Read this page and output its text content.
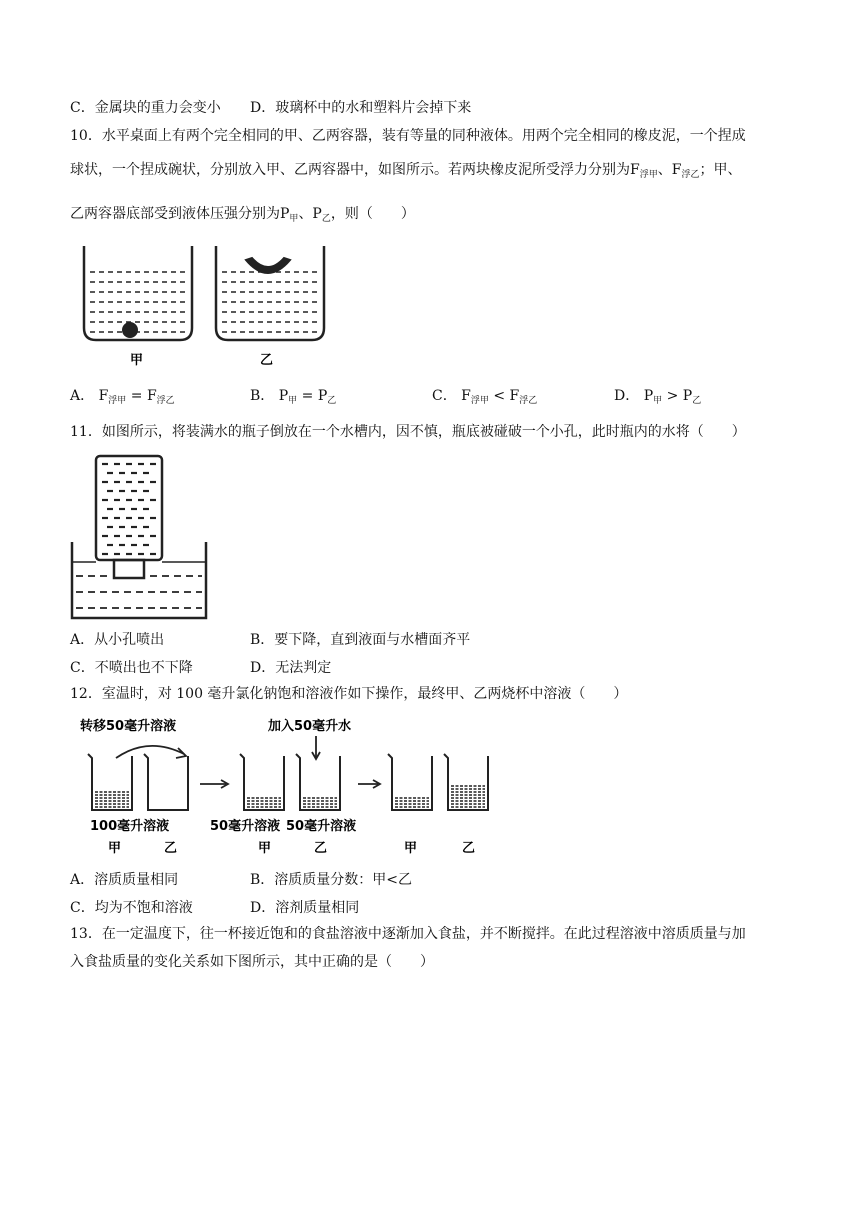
C．金属块的重力会变小 D．玻璃杯中的水和塑料片会掉下来
10．水平桌面上有两个完全相同的甲、乙两容器，装有等量的同种液体。用两个完全相同的橡皮泥，一个捏成
球状，一个捏成碗状，分别放入甲、乙两容器中，如图所示。若两块橡皮泥所受浮力分别为$F_{浮甲}$、$F_{浮乙}$；甲、
乙两容器底部受到液体压强分别为$P_甲$、$P_乙$，则（　　）
甲	乙
A． $F_{浮甲} = F_{浮乙}$	B． $P_甲 = P_乙$	C． $F_{浮甲} < F_{浮乙}$	D． $P_甲 > P_乙$
11．如图所示，将装满水的瓶子倒放在一个水槽内，因不慎，瓶底被碰破一个小孔，此时瓶内的水将（　　）
A．从小孔喷出	B．要下降，直到液面与水槽面齐平
C．不喷出也不下降	D．无法判定
12．室温时，对 100 毫升氯化钠饱和溶液作如下操作，最终甲、乙两烧杯中溶液（　　）
转移50毫升溶液	加入50毫升水
100毫升溶液	50毫升溶液 50毫升溶液
甲	乙	甲	乙	甲	乙
A．溶质质量相同	B．溶质质量分数：甲<乙
C．均为不饱和溶液	D．溶剂质量相同
13．在一定温度下，往一杯接近饱和的食盐溶液中逐渐加入食盐，并不断搅拌。在此过程溶液中溶质质量与加
入食盐质量的变化关系如下图所示，其中正确的是（　　）
